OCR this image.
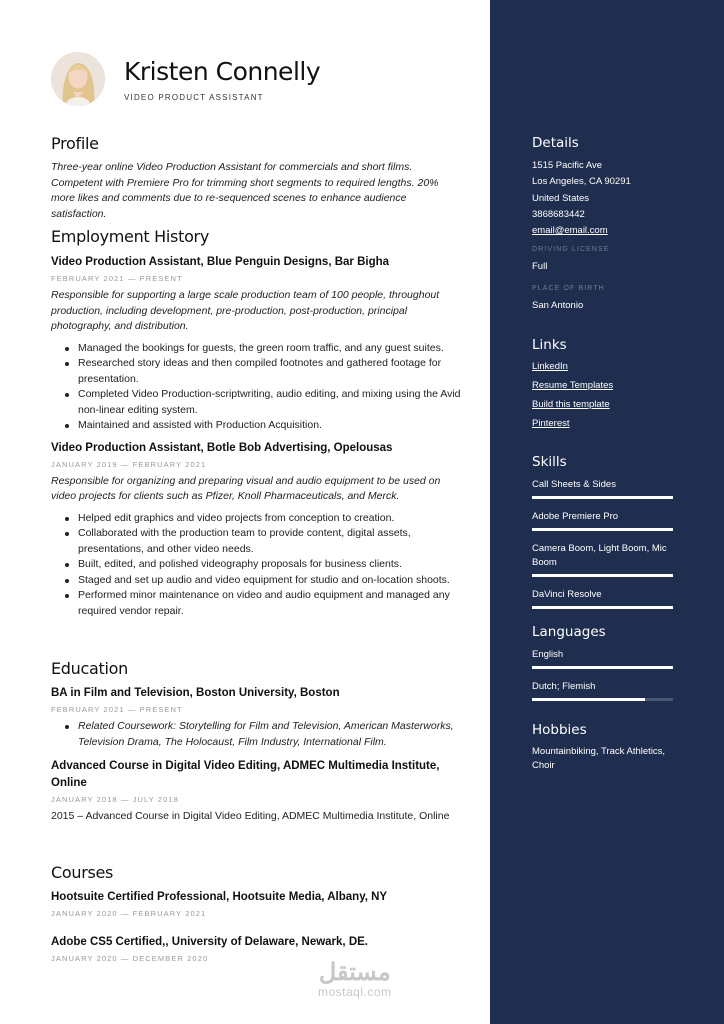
Kristen Connelly
VIDEO PRODUCT ASSISTANT
Profile
Three-year online Video Production Assistant for commercials and short films. Competent with Premiere Pro for trimming short segments to required lengths. 20% more likes and comments due to re-sequenced scenes to enhance audience satisfaction.
Employment History
Video Production Assistant, Blue Penguin Designs, Bar Bigha
FEBRUARY 2021 — PRESENT
Responsible for supporting a large scale production team of 100 people, throughout production, including development, pre-production, post-production, principal photography, and distribution.
Managed the bookings for guests, the green room traffic, and any guest suites.
Researched story ideas and then compiled footnotes and gathered footage for presentation.
Completed Video Production-scriptwriting, audio editing, and mixing using the Avid non-linear editing system.
Maintained and assisted with Production Acquisition.
Video Production Assistant, Botle Bob Advertising, Opelousas
JANUARY 2019 — FEBRUARY 2021
Responsible for organizing and preparing visual and audio equipment to be used on video projects for clients such as Pfizer, Knoll Pharmaceuticals, and Merck.
Helped edit graphics and video projects from conception to creation.
Collaborated with the production team to provide content, digital assets, presentations, and other video needs.
Built, edited, and polished videography proposals for business clients.
Staged and set up audio and video equipment for studio and on-location shoots.
Performed minor maintenance on video and audio equipment and managed any required vendor repair.
Education
BA in Film and Television, Boston University, Boston
FEBRUARY 2021 — PRESENT
Related Coursework: Storytelling for Film and Television, American Masterworks, Television Drama, The Holocaust, Film Industry, International Film.
Advanced Course in Digital Video Editing, ADMEC Multimedia Institute, Online
JANUARY 2018 — JULY 2018
2015 – Advanced Course in Digital Video Editing, ADMEC Multimedia Institute, Online
Courses
Hootsuite Certified Professional, Hootsuite Media, Albany, NY
JANUARY 2020 — FEBRUARY 2021
Adobe CS5 Certified,, University of Delaware, Newark, DE.
JANUARY 2020 — DECEMBER 2020
مستقل
mostaql.com
Details
1515 Pacific Ave
Los Angeles, CA 90291
United States
3868683442
email@email.com
DRIVING LICENSE
Full
PLACE OF BIRTH
San Antonio
Links
LinkedIn
Resume Templates
Build this template
Pinterest
Skills
Call Sheets & Sides
Adobe Premiere Pro
Camera Boom, Light Boom, Mic Boom
DaVinci Resolve
Languages
English
Dutch; Flemish
Hobbies
Mountainbiking, Track Athletics, Choir
